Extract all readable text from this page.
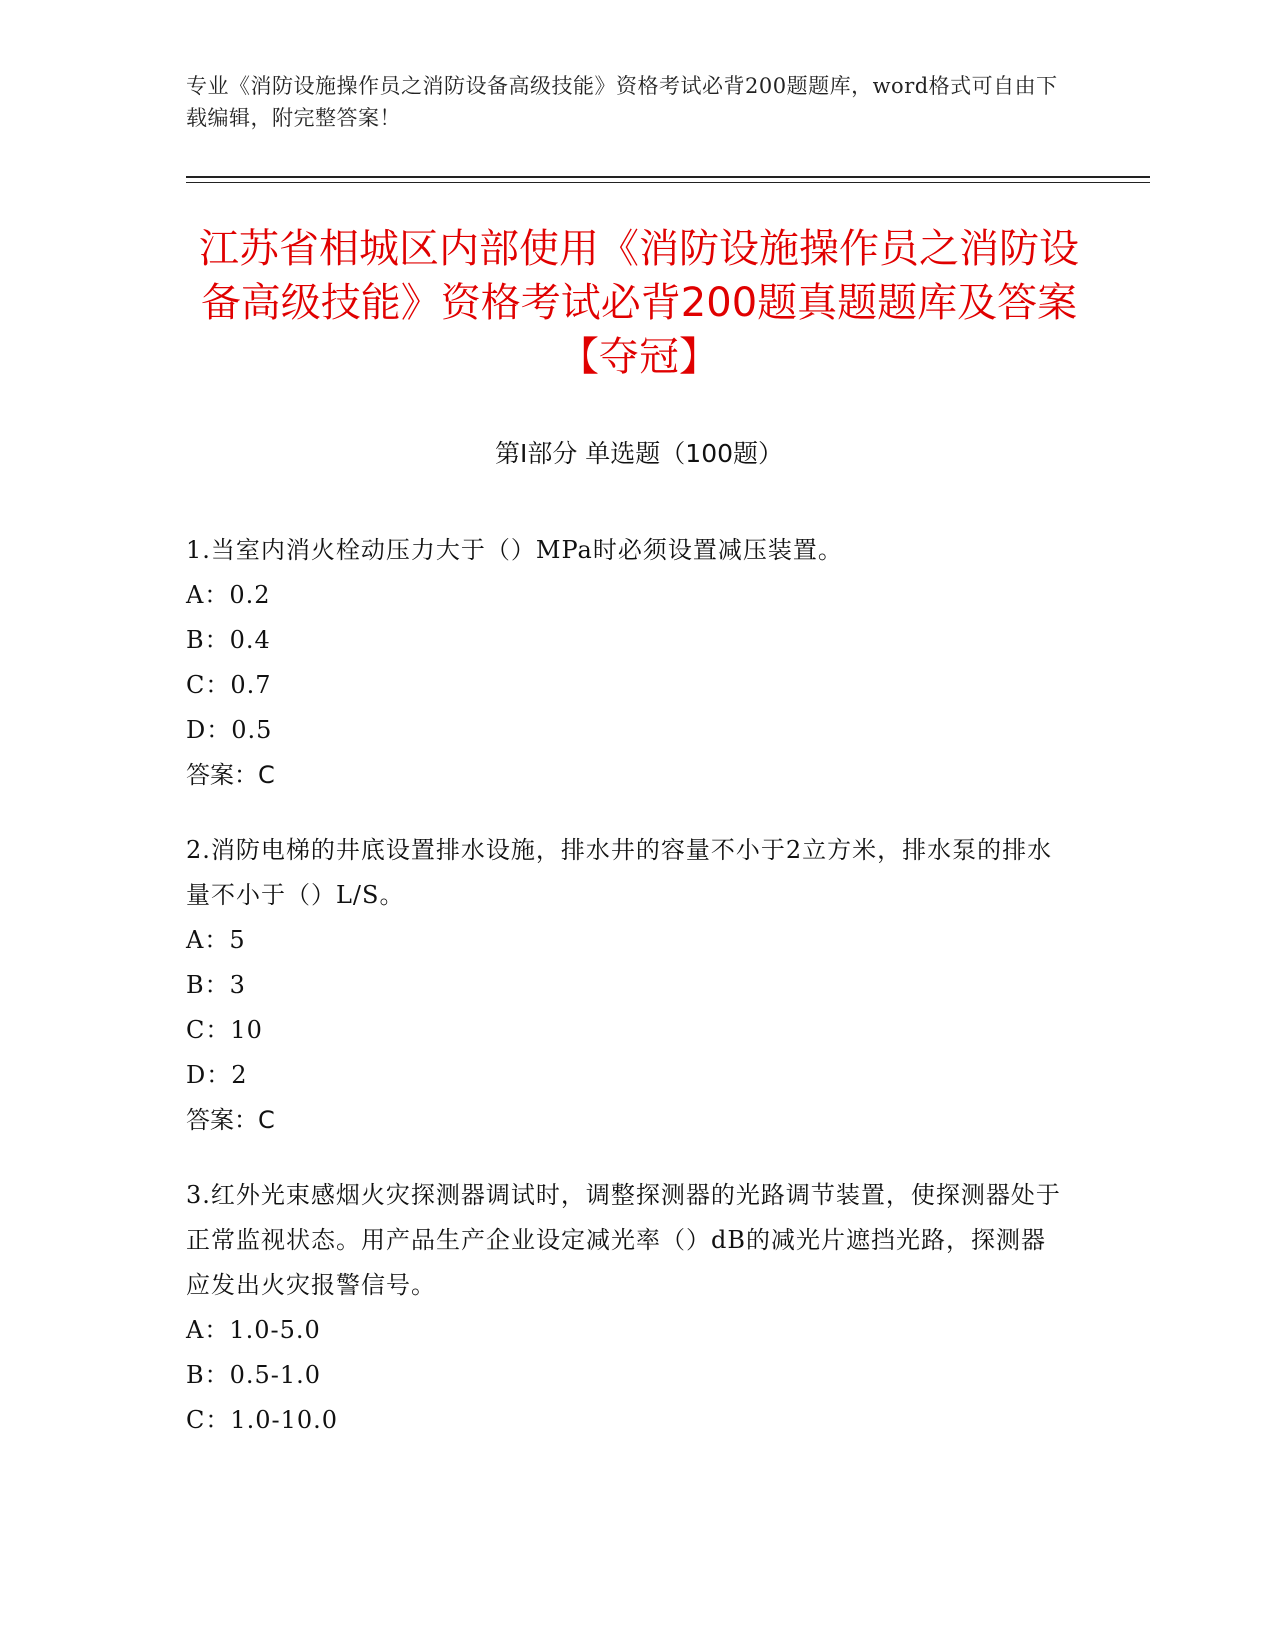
专业《消防设施操作员之消防设备高级技能》资格考试必背200题题库，word格式可自由下载编辑，附完整答案！
江苏省相城区内部使用《消防设施操作员之消防设备高级技能》资格考试必背200题真题题库及答案【夺冠】
第Ⅰ部分 单选题（100题）

1.当室内消火栓动压力大于（）MPa时必须设置减压装置。

A：0.2

B：0.4

C：0.7

D：0.5

答案：C

2.消防电梯的井底设置排水设施，排水井的容量不小于2立方米，排水泵的排水量不小于（）L/S。

A：5

B：3

C：10

D：2

答案：C

3.红外光束感烟火灾探测器调试时，调整探测器的光路调节装置，使探测器处于正常监视状态。用产品生产企业设定减光率（）dB的减光片遮挡光路，探测器应发出火灾报警信号。

A：1.0-5.0

B：0.5-1.0

C：1.0-10.0
